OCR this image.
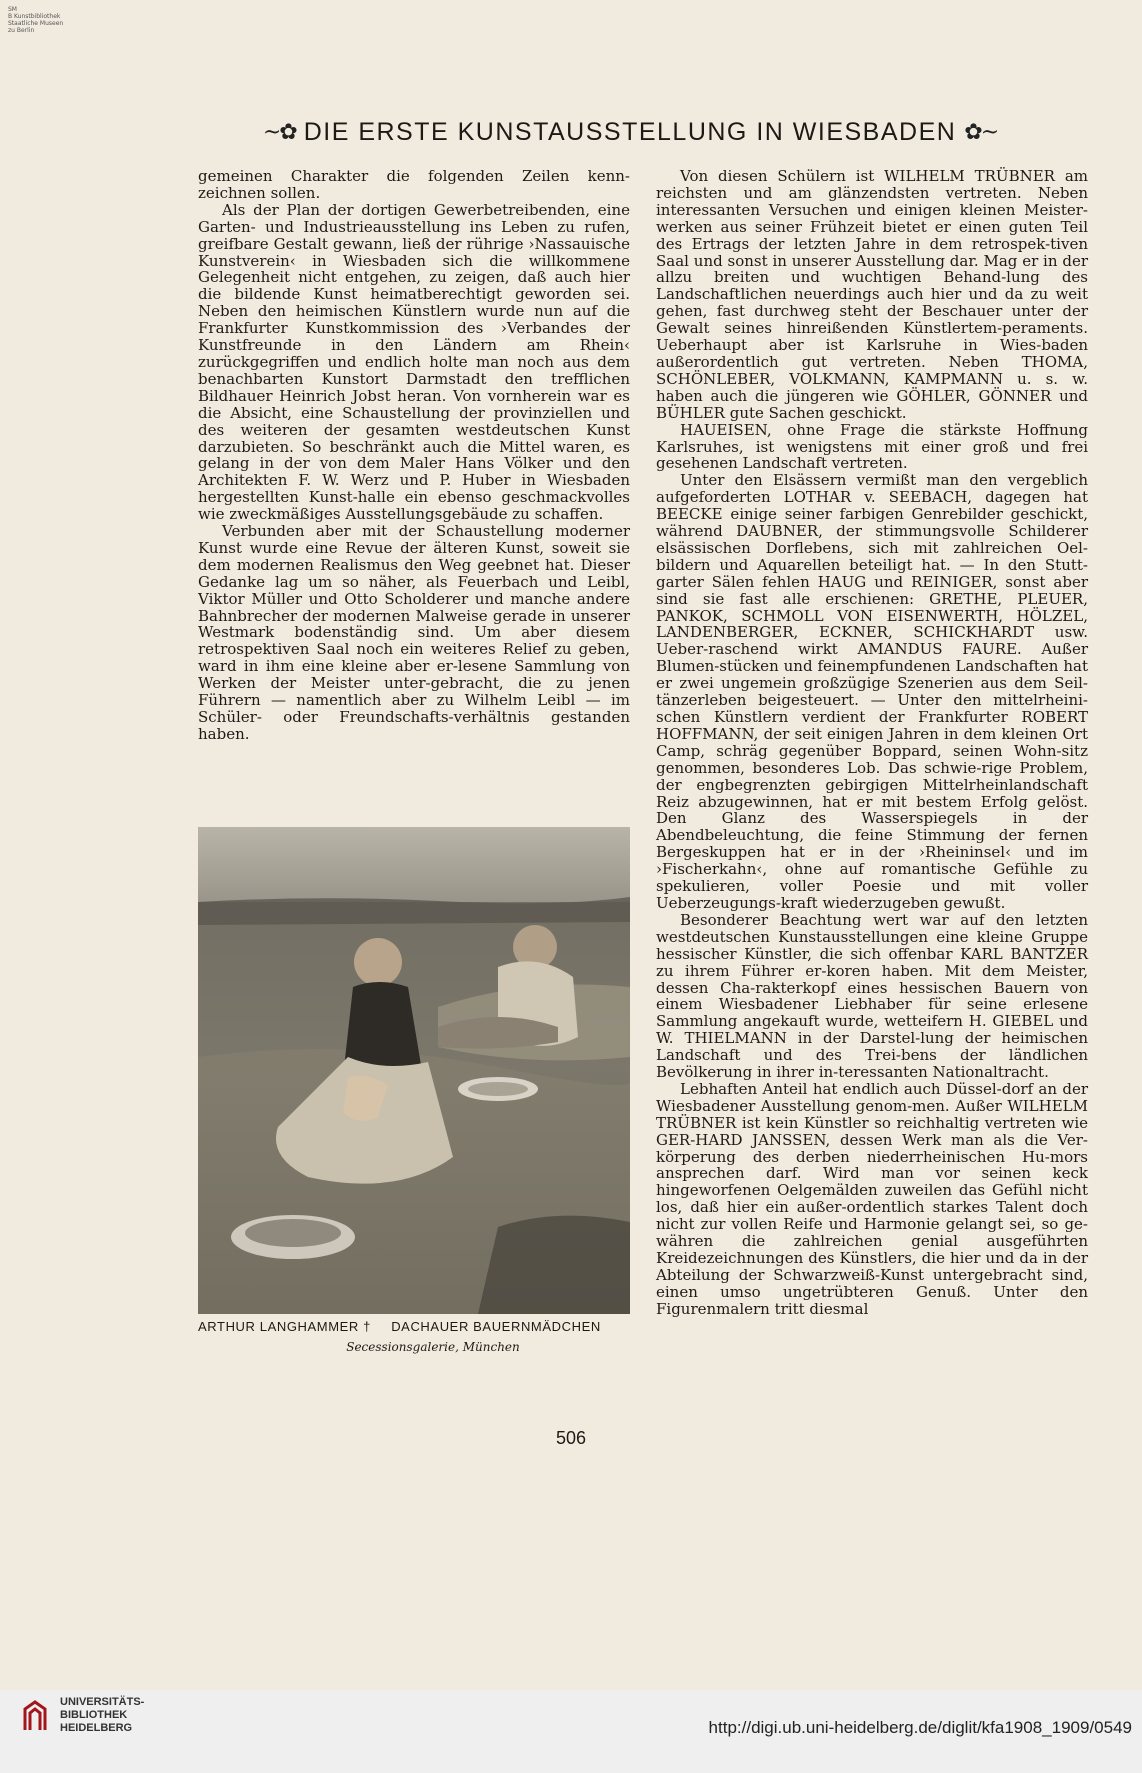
SM
B Kunstbibliothek
Staatliche Museen
zu Berlin
~✿ DIE ERSTE KUNSTAUSSTELLUNG IN WIESBADEN ✿~

gemeinen Charakter die folgenden Zeilen kenn-zeichnen sollen.

Als der Plan der dortigen Gewerbetreibenden, eine Garten- und Industrieausstellung ins Leben zu rufen, greifbare Gestalt gewann, ließ der rührige ›Nassauische Kunstverein‹ in Wiesbaden sich die willkommene Gelegenheit nicht entgehen, zu zeigen, daß auch hier die bildende Kunst heimatberechtigt geworden sei. Neben den heimischen Künstlern wurde nun auf die Frankfurter Kunstkommission des ›Verbandes der Kunstfreunde in den Ländern am Rhein‹ zurückgegriffen und endlich holte man noch aus dem benachbarten Kunstort Darmstadt den trefflichen Bildhauer Heinrich Jobst heran. Von vornherein war es die Absicht, eine Schaustellung der provinziellen und des weiteren der gesamten westdeutschen Kunst darzubieten. So beschränkt auch die Mittel waren, es gelang in der von dem Maler Hans Völker und den Architekten F. W. Werz und P. Huber in Wiesbaden hergestellten Kunst-halle ein ebenso geschmackvolles wie zweckmäßiges Ausstellungsgebäude zu schaffen.

Verbunden aber mit der Schaustellung moderner Kunst wurde eine Revue der älteren Kunst, soweit sie dem modernen Realismus den Weg geebnet hat. Dieser Gedanke lag um so näher, als Feuerbach und Leibl, Viktor Müller und Otto Scholderer und manche andere Bahnbrecher der modernen Malweise gerade in unserer Westmark bodenständig sind. Um aber diesem retrospektiven Saal noch ein weiteres Relief zu geben, ward in ihm eine kleine aber er-lesene Sammlung von Werken der Meister unter-gebracht, die zu jenen Führern — namentlich aber zu Wilhelm Leibl — im Schüler- oder Freundschafts-verhältnis gestanden haben.

Von diesen Schülern ist WILHELM TRÜBNER am reichsten und am glänzendsten vertreten. Neben interessanten Versuchen und einigen kleinen Meister-werken aus seiner Frühzeit bietet er einen guten Teil des Ertrags der letzten Jahre in dem retrospek-tiven Saal und sonst in unserer Ausstellung dar. Mag er in der allzu breiten und wuchtigen Behand-lung des Landschaftlichen neuerdings auch hier und da zu weit gehen, fast durchweg steht der Beschauer unter der Gewalt seines hinreißenden Künstlertem-peraments. Ueberhaupt aber ist Karlsruhe in Wies-baden außerordentlich gut vertreten. Neben THOMA, SCHÖNLEBER, VOLKMANN, KAMPMANN u. s. w. haben auch die jüngeren wie GÖHLER, GÖNNER und BÜHLER gute Sachen geschickt.

HAUEISEN, ohne Frage die stärkste Hoffnung Karlsruhes, ist wenigstens mit einer groß und frei gesehenen Landschaft vertreten.

Unter den Elsässern vermißt man den vergeblich aufgeforderten LOTHAR v. SEEBACH, dagegen hat BEECKE einige seiner farbigen Genrebilder geschickt, während DAUBNER, der stimmungsvolle Schilderer elsässischen Dorflebens, sich mit zahlreichen Oel-bildern und Aquarellen beteiligt hat. — In den Stutt-garter Sälen fehlen HAUG und REINIGER, sonst aber sind sie fast alle erschienen: GRETHE, PLEUER, PANKOK, SCHMOLL VON EISENWERTH, HÖLZEL, LANDENBERGER, ECKNER, SCHICKHARDT usw. Ueber-raschend wirkt AMANDUS FAURE. Außer Blumen-stücken und feinempfundenen Landschaften hat er zwei ungemein großzügige Szenerien aus dem Seil-tänzerleben beigesteuert. — Unter den mittelrheini-schen Künstlern verdient der Frankfurter ROBERT HOFFMANN, der seit einigen Jahren in dem kleinen Ort Camp, schräg gegenüber Boppard, seinen Wohn-sitz genommen, besonderes Lob. Das schwie-rige Problem, der engbegrenzten gebirgigen Mittelrheinlandschaft Reiz abzugewinnen, hat er mit bestem Erfolg gelöst. Den Glanz des Wasserspiegels in der Abendbeleuchtung, die feine Stimmung der fernen Bergeskuppen hat er in der ›Rheininsel‹ und im ›Fischerkahn‹, ohne auf romantische Gefühle zu spekulieren, voller Poesie und mit voller Ueberzeugungs-kraft wiederzugeben gewußt.

Besonderer Beachtung wert war auf den letzten westdeutschen Kunstausstellungen eine kleine Gruppe hessischer Künstler, die sich offenbar KARL BANTZER zu ihrem Führer er-koren haben. Mit dem Meister, dessen Cha-rakterkopf eines hessischen Bauern von einem Wiesbadener Liebhaber für seine erlesene Sammlung angekauft wurde, wetteifern H. GIEBEL und W. THIELMANN in der Darstel-lung der heimischen Landschaft und des Trei-bens der ländlichen Bevölkerung in ihrer in-teressanten Nationaltracht.

Lebhaften Anteil hat endlich auch Düssel-dorf an der Wiesbadener Ausstellung genom-men. Außer WILHELM TRÜBNER ist kein Künstler so reichhaltig vertreten wie GER-HARD JANSSEN, dessen Werk man als die Ver-körperung des derben niederrheinischen Hu-mors ansprechen darf. Wird man vor seinen keck hingeworfenen Oelgemälden zuweilen das Gefühl nicht los, daß hier ein außer-ordentlich starkes Talent doch nicht zur vollen Reife und Harmonie gelangt sei, so ge-währen die zahlreichen genial ausgeführten Kreidezeichnungen des Künstlers, die hier und da in der Abteilung der Schwarzweiß-Kunst untergebracht sind, einen umso ungetrübteren Genuß. Unter den Figurenmalern tritt diesmal

ARTHUR LANGHAMMER † DACHAUER BAUERNMÄDCHEN
Secessionsgalerie, München
506
UNIVERSITÄTS-
BIBLIOTHEK
HEIDELBERG	http://digi.ub.uni-heidelberg.de/diglit/kfa1908_1909/0549
